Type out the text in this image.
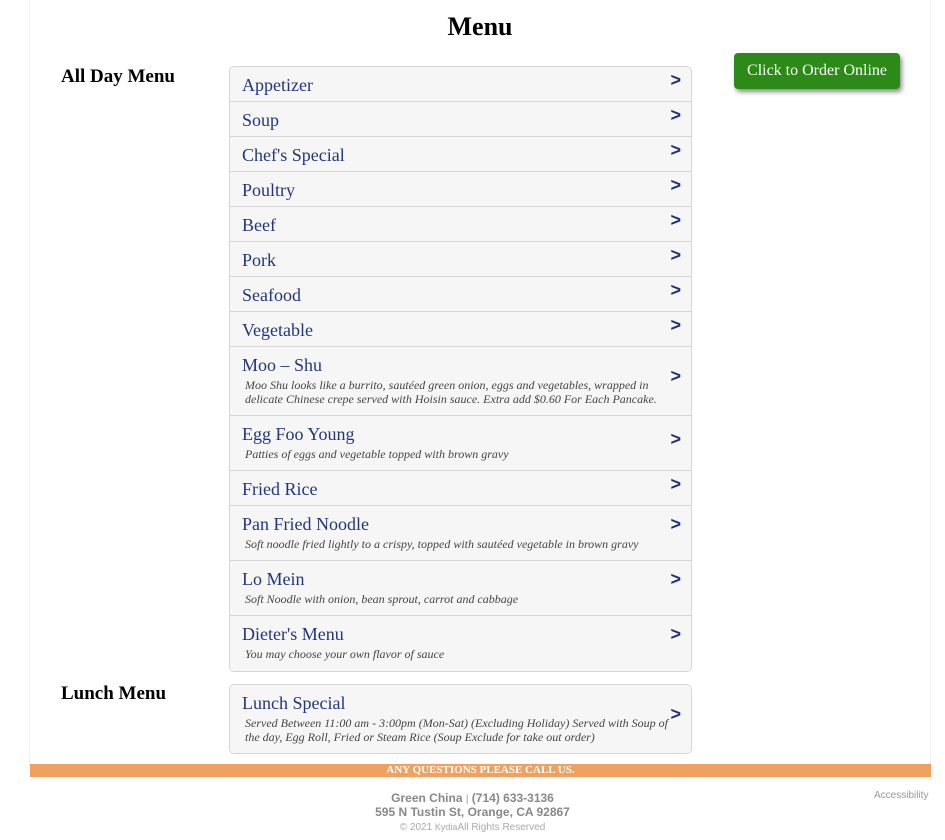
Menu
All Day Menu	Appetizer	>
Soup	>
Chef's Special	>
Poultry	>
Beef	>
Pork	>
Seafood	>
Vegetable	>
Moo – Shu
Moo Shu looks like a burrito, sautéed green onion, eggs and vegetables, wrapped in delicate Chinese crepe served with Hoisin sauce. Extra add $0.60 For Each Pancake.
>
Egg Foo Young
Patties of eggs and vegetable topped with brown gravy
>
Fried Rice	>
Pan Fried Noodle
Soft noodle fried lightly to a crispy, topped with sautéed vegetable in brown gravy
>
Lo Mein
Soft Noodle with onion, bean sprout, carrot and cabbage
>
Dieter's Menu
You may choose your own flavor of sauce
>
Lunch Menu	Lunch Special
Served Between 11:00 am - 3:00pm (Mon-Sat) (Excluding Holiday) Served with Soup of the day, Egg Roll, Fried or Steam Rice (Soup Exclude for take out order)
>
Click to Order Online
ANY QUESTIONS PLEASE CALL US.
Green China | (714) 633-3136
595 N Tustin St, Orange, CA 92867
© 2021 KydiaAll Rights Reserved
Accessibility
